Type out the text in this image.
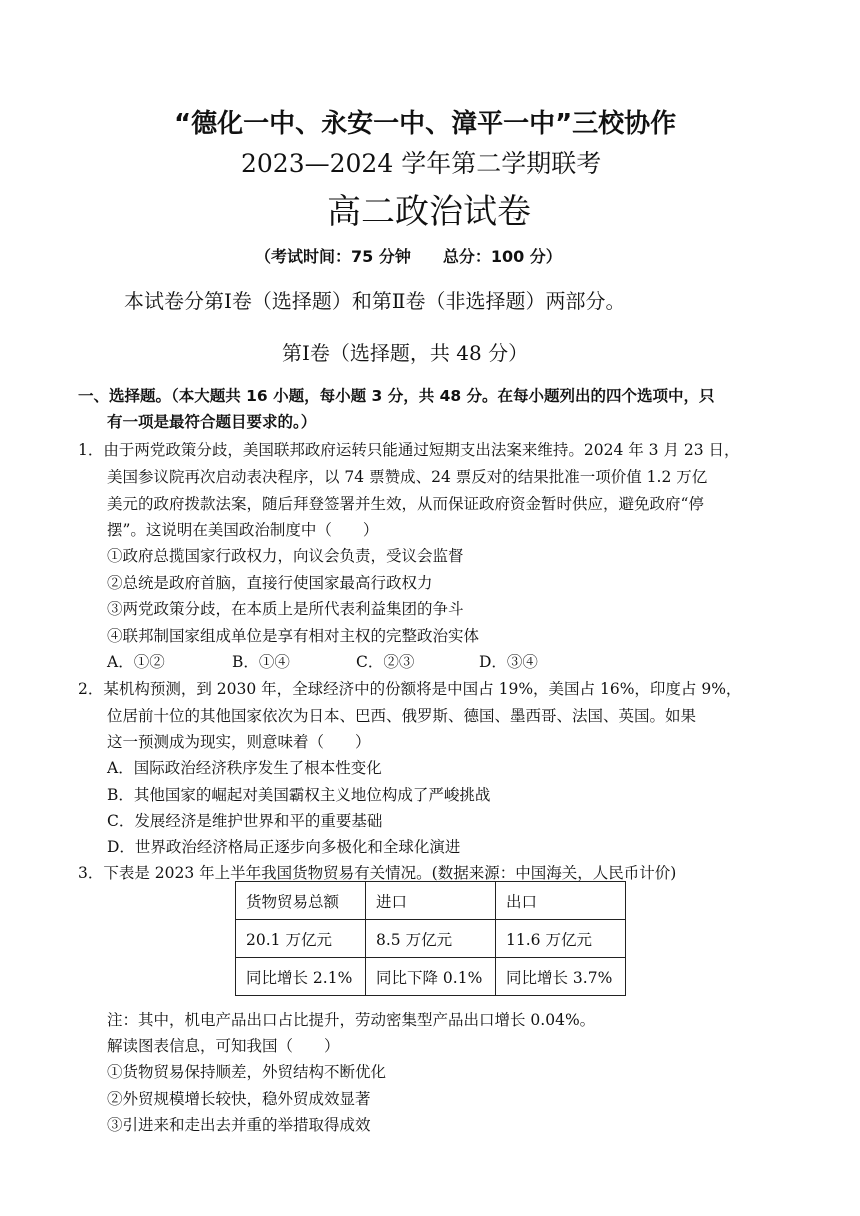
“德化一中、永安一中、漳平一中”三校协作
2023—2024 学年第二学期联考
高二政治试卷
（考试时间：75 分钟　　总分：100 分）
本试卷分第Ⅰ卷（选择题）和第Ⅱ卷（非选择题）两部分。
第Ⅰ卷（选择题，共 48 分）
一、选择题。（本大题共 16 小题，每小题 3 分，共 48 分。在每小题列出的四个选项中，只
有一项是最符合题目要求的。）
1．由于两党政策分歧，美国联邦政府运转只能通过短期支出法案来维持。2024 年 3 月 23 日，
美国参议院再次启动表决程序，以 74 票赞成、24 票反对的结果批准一项价值 1.2 万亿
美元的政府拨款法案，随后拜登签署并生效，从而保证政府资金暂时供应，避免政府“停
摆”。这说明在美国政治制度中（　　）
①政府总揽国家行政权力，向议会负责，受议会监督
②总统是政府首脑，直接行使国家最高行政权力
③两党政策分歧，在本质上是所代表利益集团的争斗
④联邦制国家组成单位是享有相对主权的完整政治实体
A．①②	B．①④	C．②③	D．③④
2．某机构预测，到 2030 年，全球经济中的份额将是中国占 19%，美国占 16%，印度占 9%，
位居前十位的其他国家依次为日本、巴西、俄罗斯、德国、墨西哥、法国、英国。如果
这一预测成为现实，则意味着（　　）
A．国际政治经济秩序发生了根本性变化
B．其他国家的崛起对美国霸权主义地位构成了严峻挑战
C．发展经济是维护世界和平的重要基础
D．世界政治经济格局正逐步向多极化和全球化演进
3．下表是 2023 年上半年我国货物贸易有关情况。(数据来源：中国海关，人民币计价)
货物贸易总额	进口	出口
20.1 万亿元	8.5 万亿元	11.6 万亿元
同比增长 2.1%	同比下降 0.1%	同比增长 3.7%
注：其中，机电产品出口占比提升，劳动密集型产品出口增长 0.04%。
解读图表信息，可知我国（　　）
①货物贸易保持顺差，外贸结构不断优化
②外贸规模增长较快，稳外贸成效显著
③引进来和走出去并重的举措取得成效
